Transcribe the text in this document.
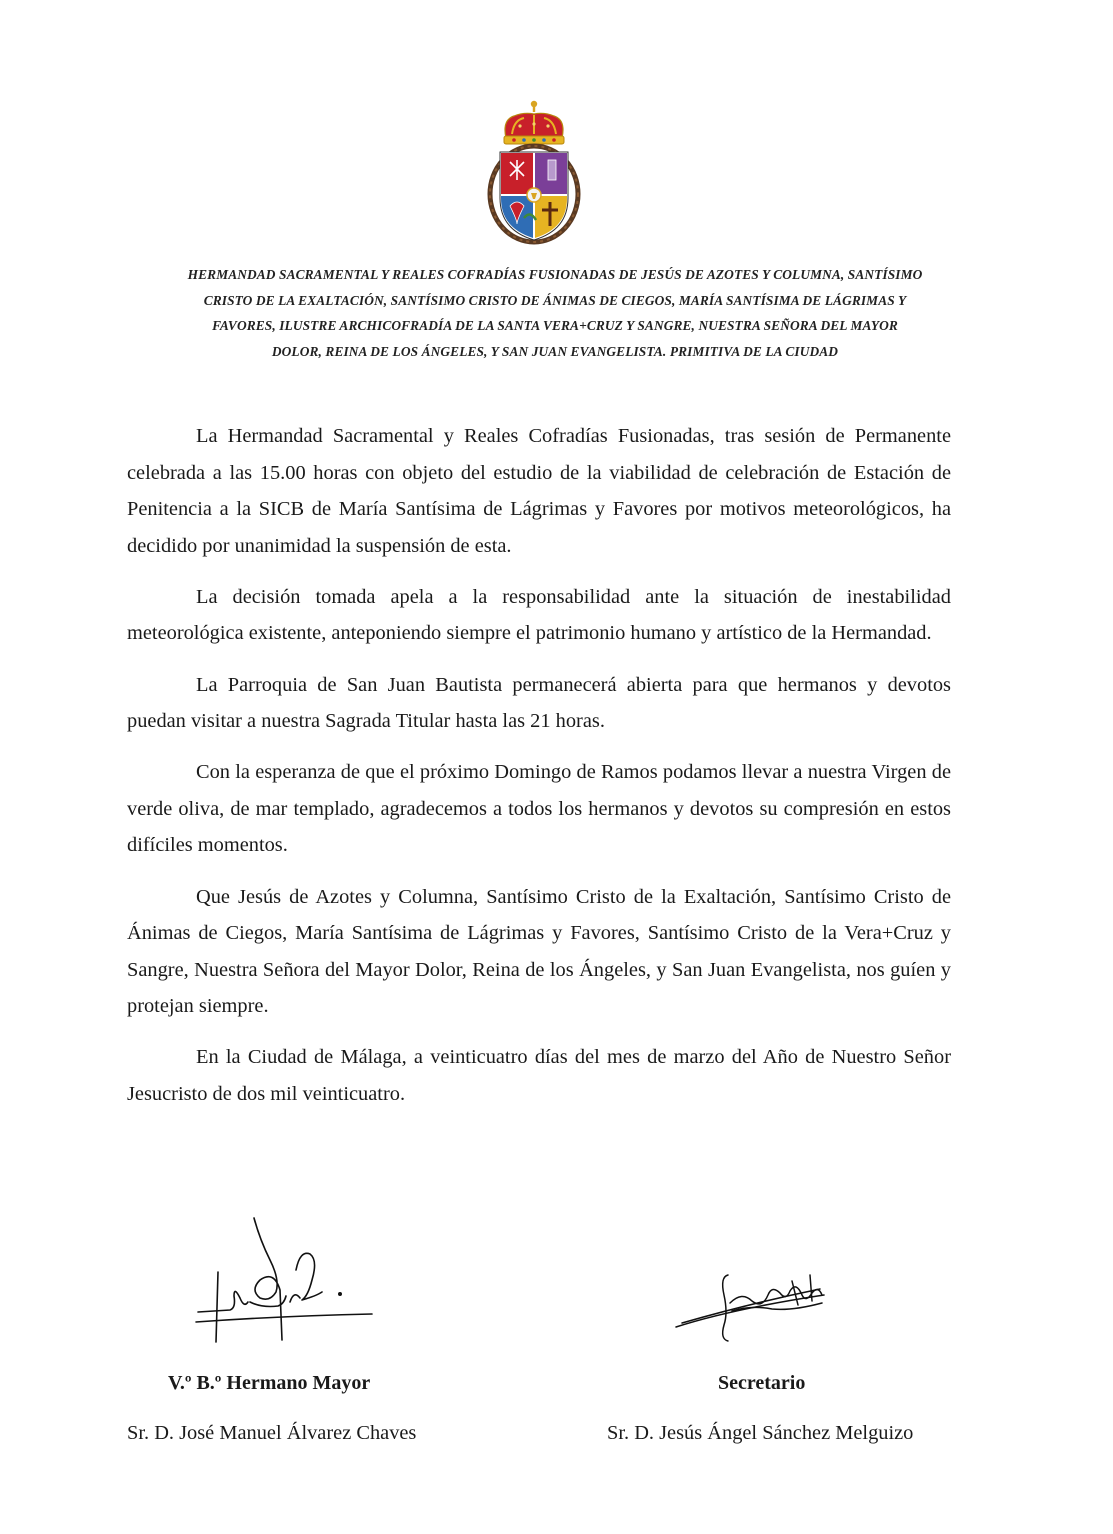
HERMANDAD SACRAMENTAL Y REALES COFRADÍAS FUSIONADAS DE JESÚS DE AZOTES Y COLUMNA, SANTÍSIMO
CRISTO DE LA EXALTACIÓN, SANTÍSIMO CRISTO DE ÁNIMAS DE CIEGOS, MARÍA SANTÍSIMA DE LÁGRIMAS Y
FAVORES, ILUSTRE ARCHICOFRADÍA DE LA SANTA VERA+CRUZ Y SANGRE, NUESTRA SEÑORA DEL MAYOR
DOLOR, REINA DE LOS ÁNGELES, Y SAN JUAN EVANGELISTA. PRIMITIVA DE LA CIUDAD

La Hermandad Sacramental y Reales Cofradías Fusionadas, tras sesión de Permanente celebrada a las 15.00 horas con objeto del estudio de la viabilidad de celebración de Estación de Penitencia a la SICB de María Santísima de Lágrimas y Favores por motivos meteorológicos, ha decidido por unanimidad la suspensión de esta.

La decisión tomada apela a la responsabilidad ante la situación de inestabilidad meteorológica existente, anteponiendo siempre el patrimonio humano y artístico de la Hermandad.

La Parroquia de San Juan Bautista permanecerá abierta para que hermanos y devotos puedan visitar a nuestra Sagrada Titular hasta las 21 horas.

Con la esperanza de que el próximo Domingo de Ramos podamos llevar a nuestra Virgen de verde oliva, de mar templado, agradecemos a todos los hermanos y devotos su compresión en estos difíciles momentos.

Que Jesús de Azotes y Columna, Santísimo Cristo de la Exaltación, Santísimo Cristo de Ánimas de Ciegos, María Santísima de Lágrimas y Favores, Santísimo Cristo de la Vera+Cruz y Sangre, Nuestra Señora del Mayor Dolor, Reina de los Ángeles, y San Juan Evangelista, nos guíen y protejan siempre.

En la Ciudad de Málaga, a veinticuatro días del mes de marzo del Año de Nuestro Señor Jesucristo de dos mil veinticuatro.

V.º B.º Hermano Mayor	Secretario
Sr. D. José Manuel Álvarez Chaves	Sr. D. Jesús Ángel Sánchez Melguizo
